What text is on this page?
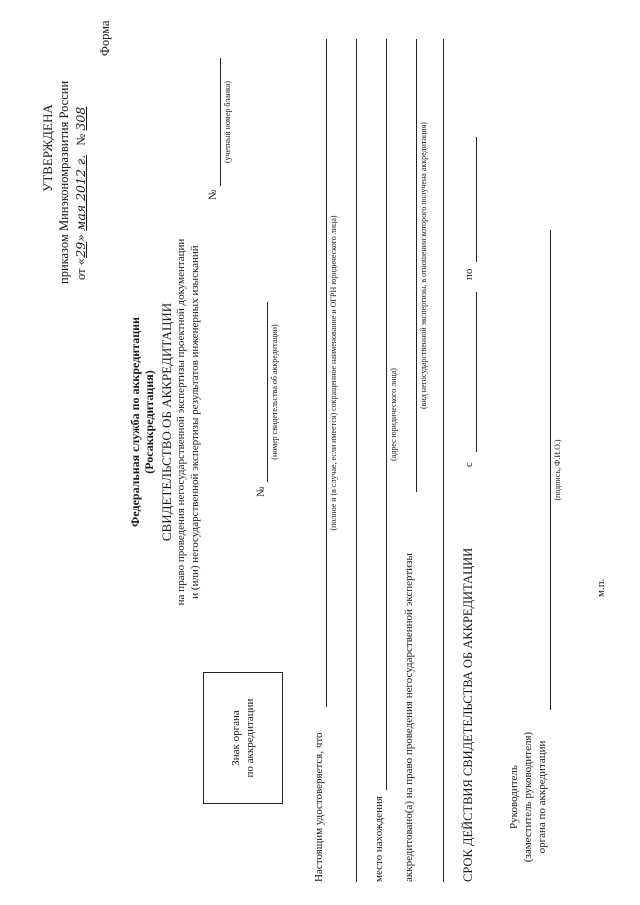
УТВЕРЖДЕНА приказом Минэкономразвития России от «29» мая 2012 г. № 308
Форма
Федеральная служба по аккредитации (Росаккредитация) СВИДЕТЕЛЬСТВО ОБ АККРЕДИТАЦИИ на право проведения негосударственной экспертизы проектной документации и (или) негосударственной экспертизы результатов инженерных изысканий
№
(учетный номер бланка)
Знак органа по аккредитации
№
(номер свидетельства об аккредитации)
Настоящим удостоверяется, что
(полное и (в случае, если имеется) сокращенное наименование и ОГРН юридического лица)
место нахождения
(адрес юридического лица)
аккредитовано(а) на право проведения негосударственной экспертизы
(вид негосударственной экспертизы, в отношении которого получена аккредитация)
СРОК ДЕЙСТВИЯ СВИДЕТЕЛЬСТВА ОБ АККРЕДИТАЦИИ
с
по
Руководитель (заместитель руководителя) органа по аккредитации
(подпись, Ф.И.О.)
м.п.
